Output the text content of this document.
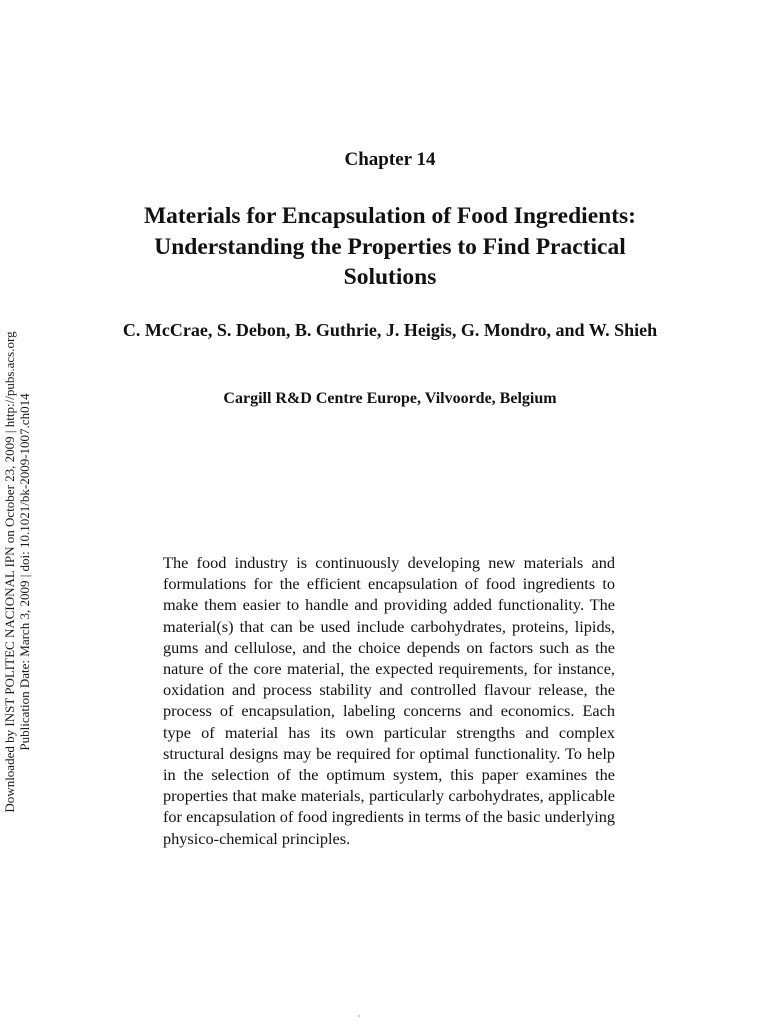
Downloaded by INST POLITEC NACIONAL IPN on October 23, 2009 | http://pubs.acs.org Publication Date: March 3, 2009 | doi: 10.1021/bk-2009-1007.ch014
Chapter 14
Materials for Encapsulation of Food Ingredients: Understanding the Properties to Find Practical Solutions
C. McCrae, S. Debon, B. Guthrie, J. Heigis, G. Mondro, and W. Shieh
Cargill R&D Centre Europe, Vilvoorde, Belgium
The food industry is continuously developing new materials and formulations for the efficient encapsulation of food ingredients to make them easier to handle and providing added functionality. The material(s) that can be used include carbohydrates, proteins, lipids, gums and cellulose, and the choice depends on factors such as the nature of the core material, the expected requirements, for instance, oxidation and process stability and controlled flavour release, the process of encapsulation, labeling concerns and economics. Each type of material has its own particular strengths and complex structural designs may be required for optimal functionality. To help in the selection of the optimum system, this paper examines the properties that make materials, particularly carbohydrates, applicable for encapsulation of food ingredients in terms of the basic underlying physico-chemical principles.
